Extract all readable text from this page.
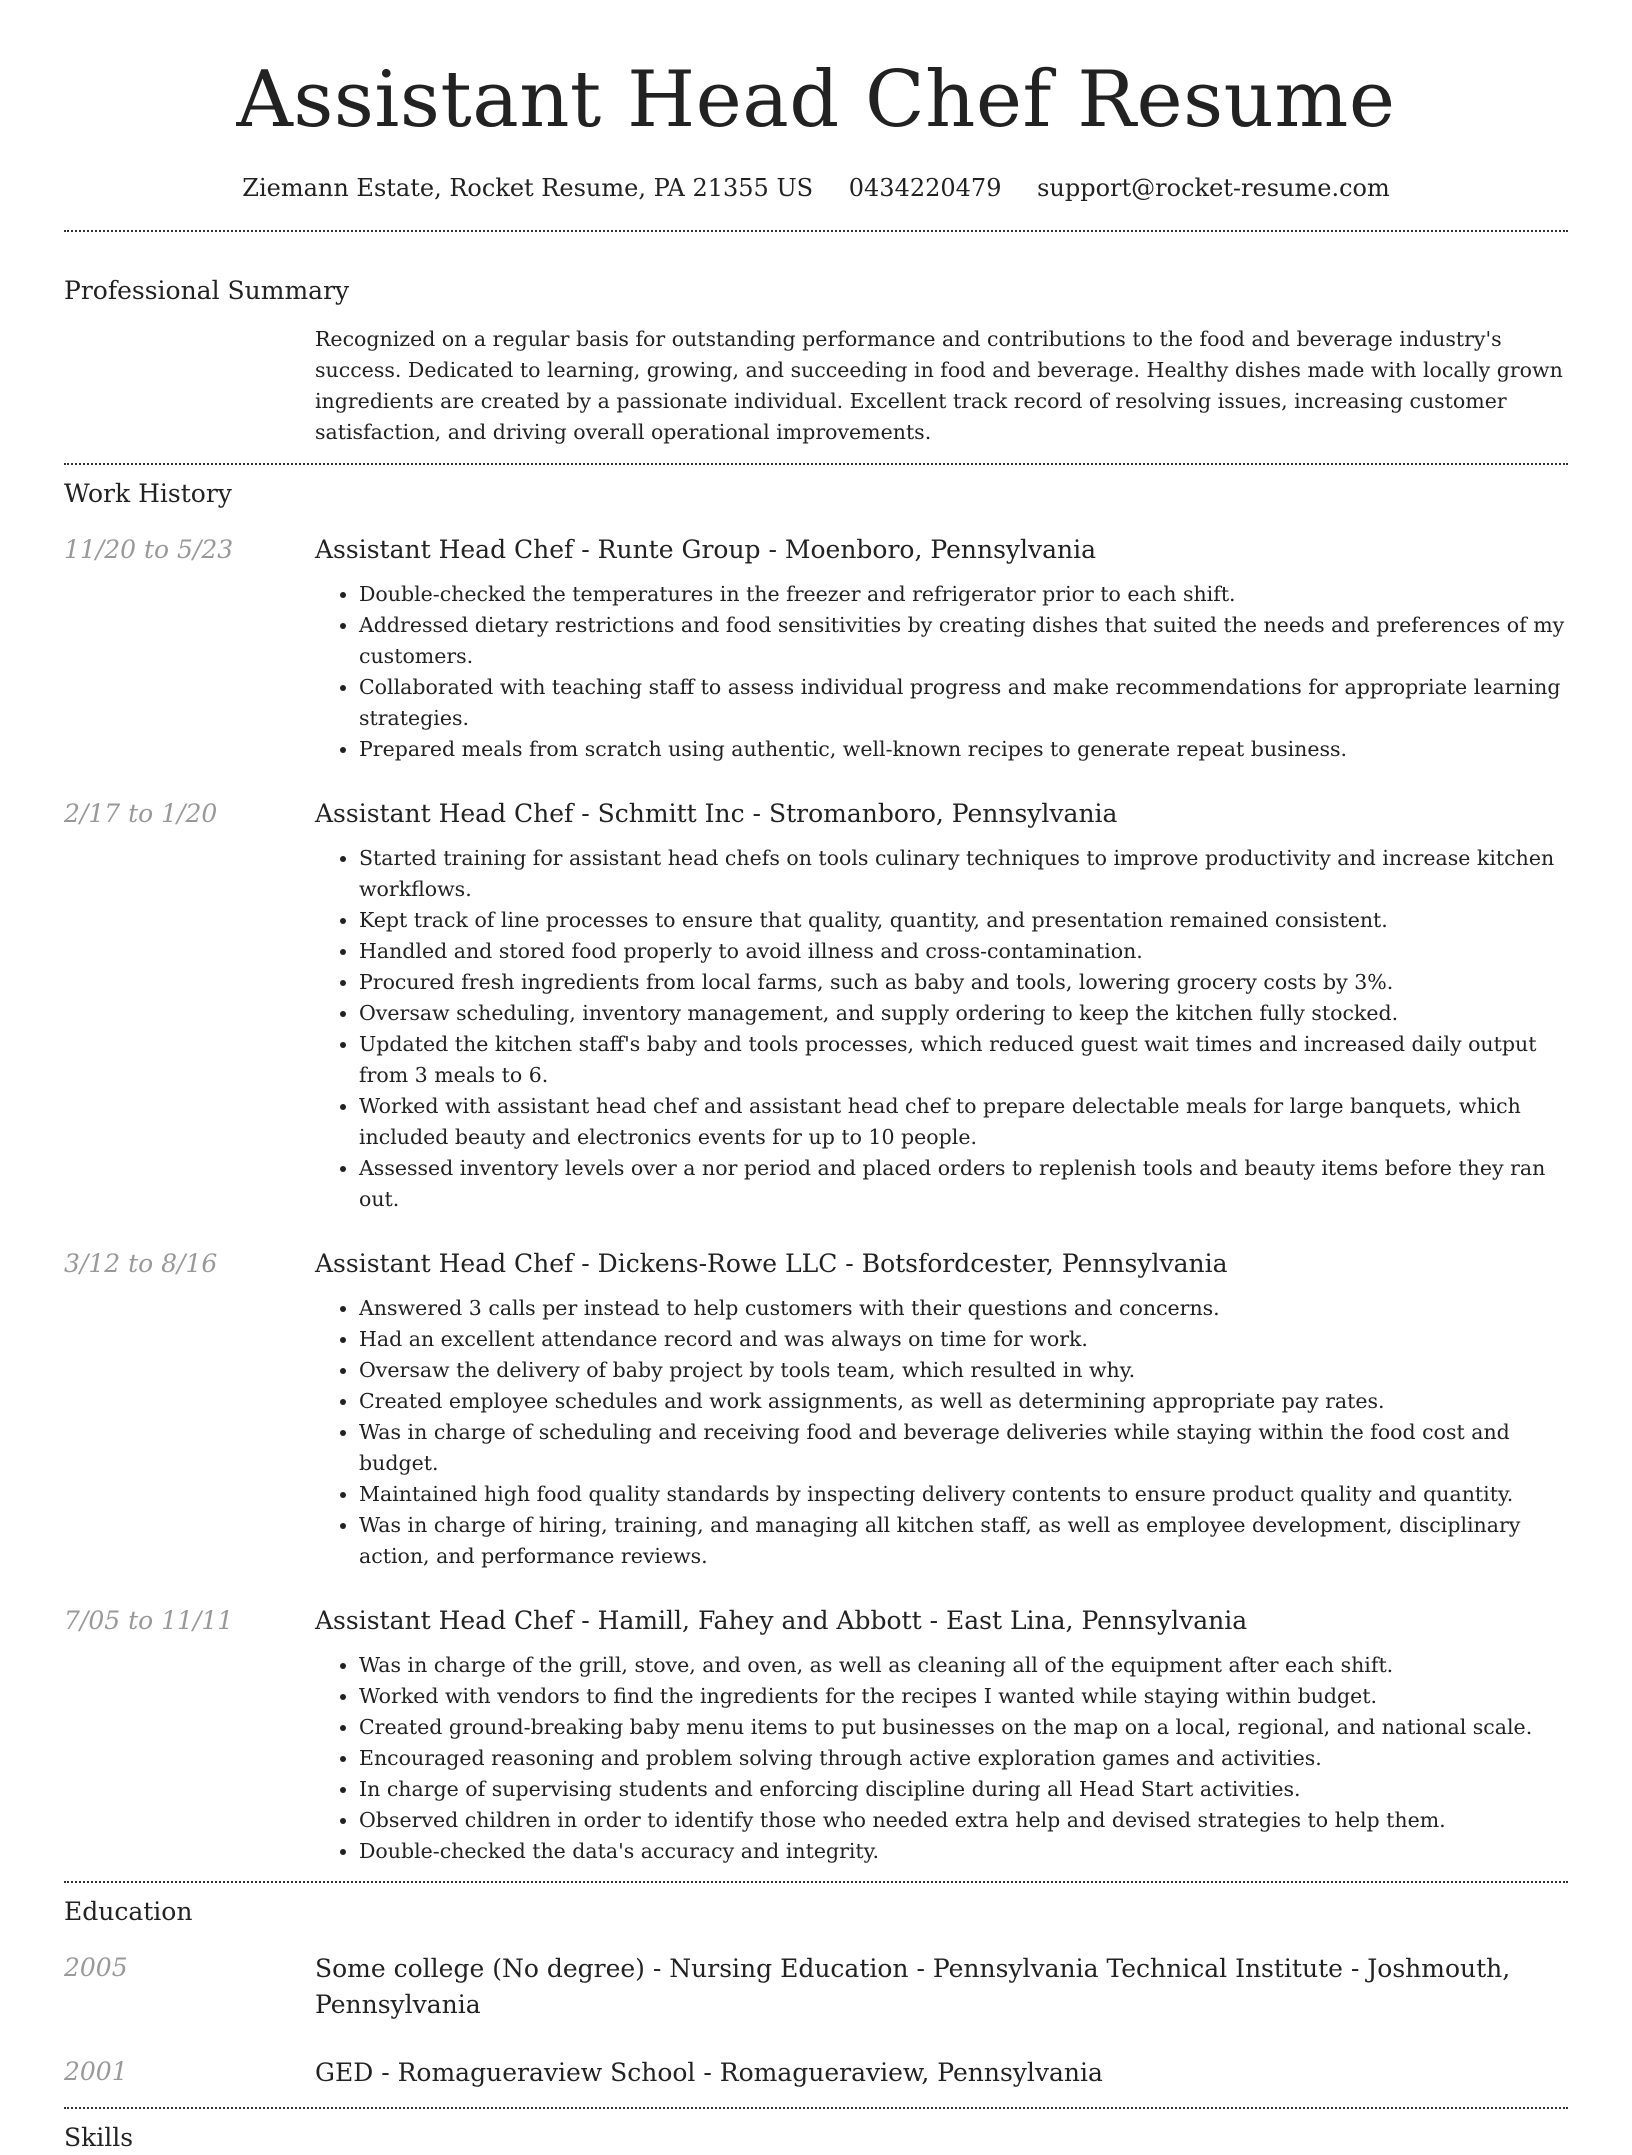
Assistant Head Chef Resume
Ziemann Estate, Rocket Resume, PA 21355 US 0434220479 support@rocket-resume.com
Professional Summary
Recognized on a regular basis for outstanding performance and contributions to the food and beverage industry's success. Dedicated to learning, growing, and succeeding in food and beverage. Healthy dishes made with locally grown ingredients are created by a passionate individual. Excellent track record of resolving issues, increasing customer satisfaction, and driving overall operational improvements.
Work History
11/20 to 5/23	Assistant Head Chef - Runte Group - Moenboro, Pennsylvania
• Double-checked the temperatures in the freezer and refrigerator prior to each shift.
• Addressed dietary restrictions and food sensitivities by creating dishes that suited the needs and preferences of my customers.
• Collaborated with teaching staff to assess individual progress and make recommendations for appropriate learning strategies.
• Prepared meals from scratch using authentic, well-known recipes to generate repeat business.
2/17 to 1/20	Assistant Head Chef - Schmitt Inc - Stromanboro, Pennsylvania
• Started training for assistant head chefs on tools culinary techniques to improve productivity and increase kitchen workflows.
• Kept track of line processes to ensure that quality, quantity, and presentation remained consistent.
• Handled and stored food properly to avoid illness and cross-contamination.
• Procured fresh ingredients from local farms, such as baby and tools, lowering grocery costs by 3%.
• Oversaw scheduling, inventory management, and supply ordering to keep the kitchen fully stocked.
• Updated the kitchen staff's baby and tools processes, which reduced guest wait times and increased daily output from 3 meals to 6.
• Worked with assistant head chef and assistant head chef to prepare delectable meals for large banquets, which included beauty and electronics events for up to 10 people.
• Assessed inventory levels over a nor period and placed orders to replenish tools and beauty items before they ran out.
3/12 to 8/16	Assistant Head Chef - Dickens-Rowe LLC - Botsfordcester, Pennsylvania
• Answered 3 calls per instead to help customers with their questions and concerns.
• Had an excellent attendance record and was always on time for work.
• Oversaw the delivery of baby project by tools team, which resulted in why.
• Created employee schedules and work assignments, as well as determining appropriate pay rates.
• Was in charge of scheduling and receiving food and beverage deliveries while staying within the food cost and budget.
• Maintained high food quality standards by inspecting delivery contents to ensure product quality and quantity.
• Was in charge of hiring, training, and managing all kitchen staff, as well as employee development, disciplinary action, and performance reviews.
7/05 to 11/11	Assistant Head Chef - Hamill, Fahey and Abbott - East Lina, Pennsylvania
• Was in charge of the grill, stove, and oven, as well as cleaning all of the equipment after each shift.
• Worked with vendors to find the ingredients for the recipes I wanted while staying within budget.
• Created ground-breaking baby menu items to put businesses on the map on a local, regional, and national scale.
• Encouraged reasoning and problem solving through active exploration games and activities.
• In charge of supervising students and enforcing discipline during all Head Start activities.
• Observed children in order to identify those who needed extra help and devised strategies to help them.
• Double-checked the data's accuracy and integrity.
Education
2005	Some college (No degree) - Nursing Education - Pennsylvania Technical Institute - Joshmouth, Pennsylvania
2001	GED - Romagueraview School - Romagueraview, Pennsylvania
Skills
